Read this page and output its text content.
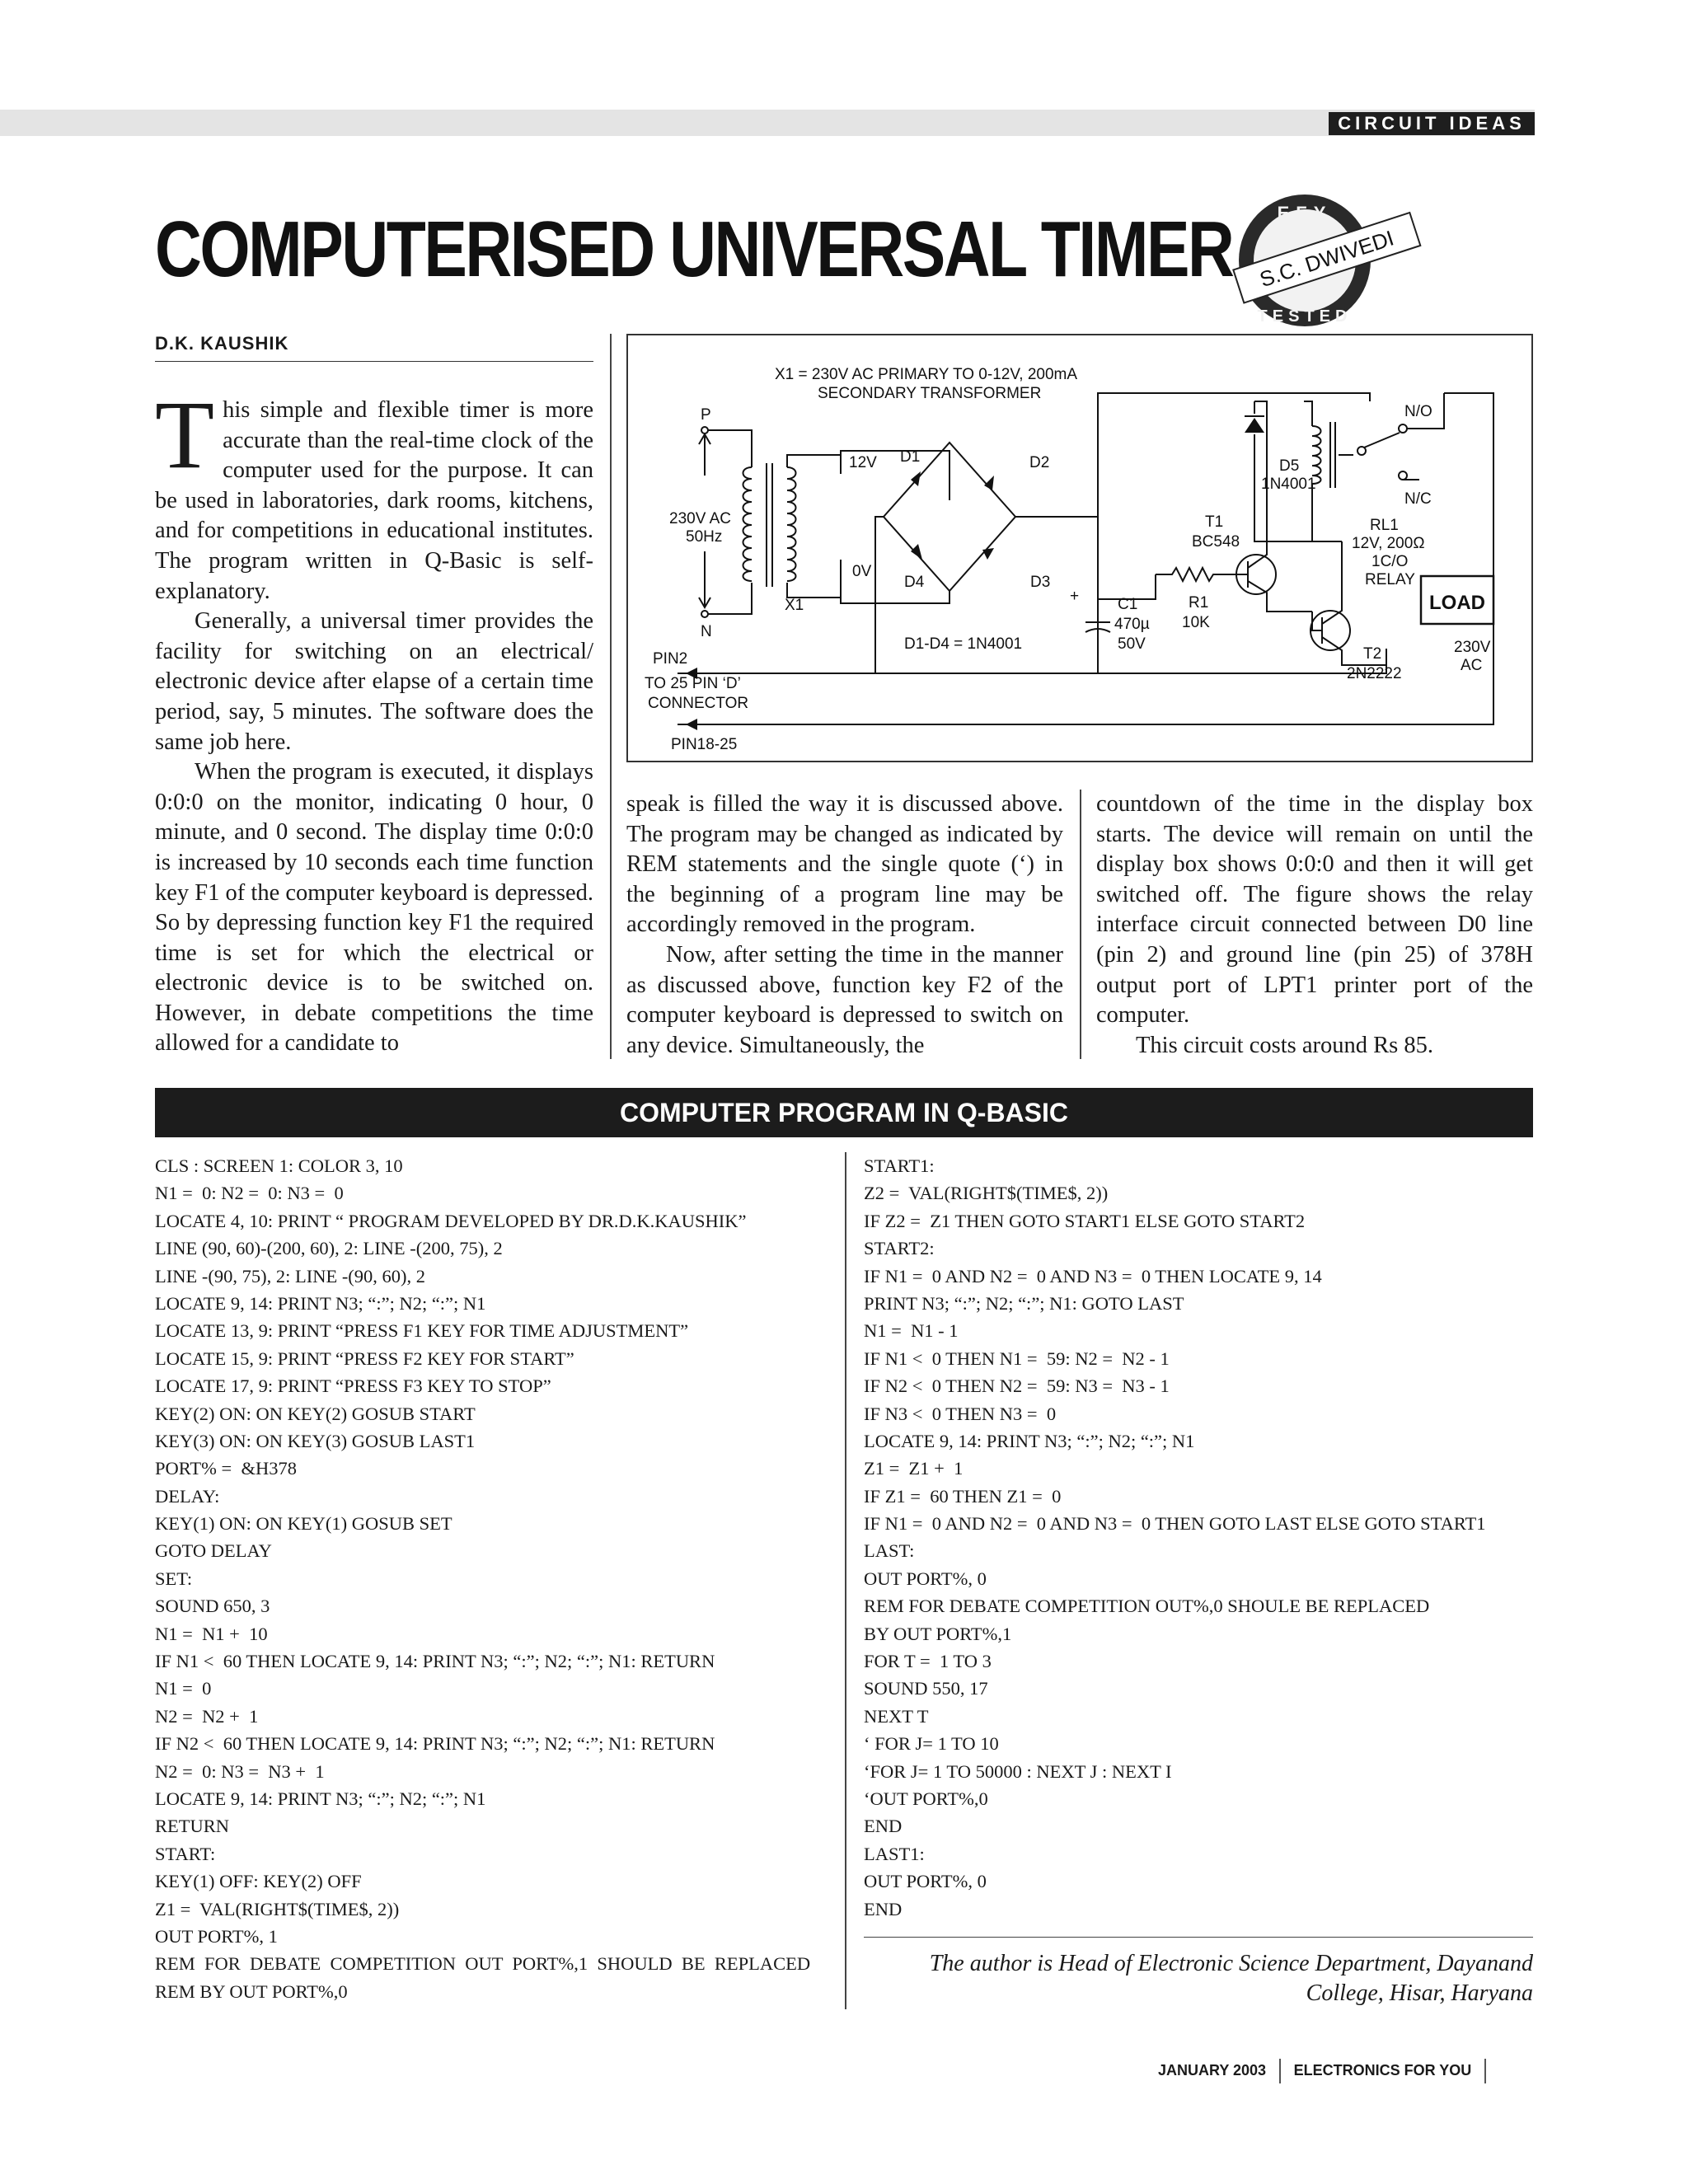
CIRCUIT IDEAS
COMPUTERISED UNIVERSAL TIMER EFY
TESTED
S.C. DWIVEDI
D.K. KAUSHIK

This simple and flexible timer is more accurate than the real-time clock of the computer used for the purpose. It can be used in laboratories, dark rooms, kitchens, and for competitions in educational institutes. The program written in Q-Basic is self-explanatory.

Generally, a universal timer provides the facility for switching on an electrical/ electronic device after elapse of a certain time period, say, 5 minutes. The software does the same job here.

When the program is executed, it displays 0:0:0 on the monitor, indicating 0 hour, 0 minute, and 0 second. The display time 0:0:0 is increased by 10 seconds each time function key F1 of the computer keyboard is depressed. So by depressing function key F1 the required time is set for which the electrical or electronic device is to be switched on. However, in debate competitions the time allowed for a candidate to

X1 = 230V AC PRIMARY TO 0-12V, 200mA
SECONDARY TRANSFORMER
P
230V AC
50Hz
N
X1
12V
0V
D1	D2
D4	D3
D1-D4 = 1N4001
+ C1
470µ
50V
PIN2
TO 25 PIN ‘D’
CONNECTOR
PIN18-25
R1
10K
T1
BC548
T2
2N2222
D5
1N4001
N/O
N/C
RL1
12V, 200Ω
1C/O
RELAY
LOAD
230V
AC

speak is filled the way it is discussed above. The program may be changed as indicated by REM statements and the single quote (‘) in the beginning of a program line may be accordingly removed in the program.

Now, after setting the time in the manner as discussed above, function key F2 of the computer keyboard is depressed to switch on any device. Simultaneously, the

countdown of the time in the display box starts. The device will remain on until the display box shows 0:0:0 and then it will get switched off. The figure shows the relay interface circuit connected between D0 line (pin 2) and ground line (pin 25) of 378H output port of LPT1 printer port of the computer.

This circuit costs around Rs 85.

COMPUTER PROGRAM IN Q-BASIC
CLS : SCREEN 1: COLOR 3, 10
N1 =  0: N2 =  0: N3 =  0
LOCATE 4, 10: PRINT “ PROGRAM DEVELOPED BY DR.D.K.KAUSHIK”
LINE (90, 60)-(200, 60), 2: LINE -(200, 75), 2
LINE -(90, 75), 2: LINE -(90, 60), 2
LOCATE 9, 14: PRINT N3; “:”; N2; “:”; N1
LOCATE 13, 9: PRINT “PRESS F1 KEY FOR TIME ADJUSTMENT”
LOCATE 15, 9: PRINT “PRESS F2 KEY FOR START”
LOCATE 17, 9: PRINT “PRESS F3 KEY TO STOP”
KEY(2) ON: ON KEY(2) GOSUB START
KEY(3) ON: ON KEY(3) GOSUB LAST1
PORT% =  &H378
DELAY:
KEY(1) ON: ON KEY(1) GOSUB SET
GOTO DELAY
SET:
SOUND 650, 3
N1 =  N1 +  10
IF N1 <  60 THEN LOCATE 9, 14: PRINT N3; “:”; N2; “:”; N1: RETURN
N1 =  0
N2 =  N2 +  1
IF N2 <  60 THEN LOCATE 9, 14: PRINT N3; “:”; N2; “:”; N1: RETURN
N2 =  0: N3 =  N3 +  1
LOCATE 9, 14: PRINT N3; “:”; N2; “:”; N1
RETURN
START:
KEY(1) OFF: KEY(2) OFF
Z1 =  VAL(RIGHT$(TIME$, 2))
OUT PORT%, 1
REM  FOR  DEBATE  COMPETITION  OUT  PORT%,1  SHOULD  BE  REPLACED
REM BY OUT PORT%,0
START1:
Z2 =  VAL(RIGHT$(TIME$, 2))
IF Z2 =  Z1 THEN GOTO START1 ELSE GOTO START2
START2:
IF N1 =  0 AND N2 =  0 AND N3 =  0 THEN LOCATE 9, 14
PRINT N3; “:”; N2; “:”; N1: GOTO LAST
N1 =  N1 - 1
IF N1 <  0 THEN N1 =  59: N2 =  N2 - 1
IF N2 <  0 THEN N2 =  59: N3 =  N3 - 1
IF N3 <  0 THEN N3 =  0
LOCATE 9, 14: PRINT N3; “:”; N2; “:”; N1
Z1 =  Z1 +  1
IF Z1 =  60 THEN Z1 =  0
IF N1 =  0 AND N2 =  0 AND N3 =  0 THEN GOTO LAST ELSE GOTO START1
LAST:
OUT PORT%, 0
REM FOR DEBATE COMPETITION OUT%,0 SHOULE BE REPLACED
BY OUT PORT%,1
FOR T =  1 TO 3
SOUND 550, 17
NEXT T
‘ FOR J= 1 TO 10
‘FOR J= 1 TO 50000 : NEXT J : NEXT I
‘OUT PORT%,0
END
LAST1:
OUT PORT%, 0
END
The author is Head of Electronic Science Department, Dayanand College, Hisar, Haryana
JANUARY 2003 ELECTRONICS FOR YOU
